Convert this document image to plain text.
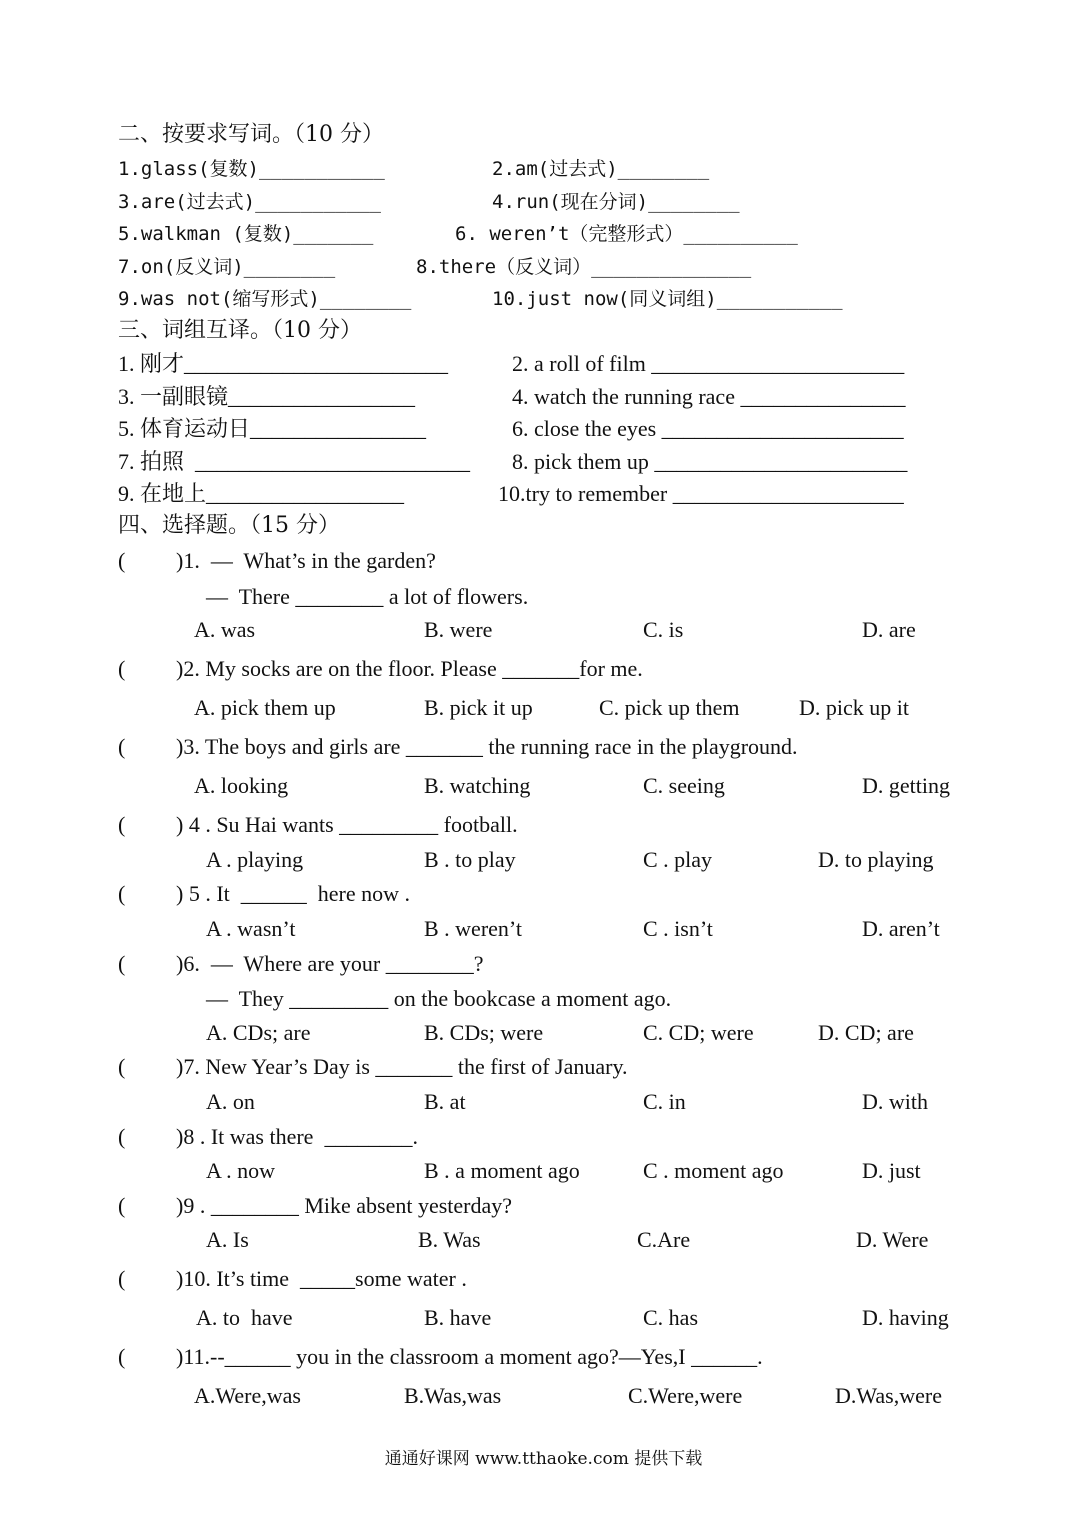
二、按要求写词。（10 分）
1.glass(复数)___________	2.am(过去式)________
3.are(过去式)___________	4.run(现在分词)________
5.walkman (复数)_______	6. weren’t（完整形式）__________
7.on(反义词)________	8.there（反义词）______________
9.was not(缩写形式)________	10.just now(同义词组)___________
三、词组互译。（10 分）
1. 刚才________________________	2. a roll of film _______________________
3. 一副眼镜_________________	4. watch the running race _______________
5. 体育运动日________________	6. close the eyes ______________________
7. 拍照  _________________________ 8. pick them up _______________________
9. 在地上__________________	10.try to remember _____________________
四、选择题。（15 分）
( )1.  —  What’s in the garden?
—  There ________ a lot of flowers.
A. was	B. were	C. is	D. are
( )2. My socks are on the floor. Please _______for me.
A. pick them up	B. pick it up	C. pick up them	D. pick up it
( )3. The boys and girls are _______ the running race in the playground.
A. looking	B. watching	C. seeing	D. getting
( ) 4 . Su Hai wants _________ football.
A . playing	B . to play	C . play	D. to playing
( ) 5 . It  ______  here now .
A . wasn’t	B . weren’t	C . isn’t	D. aren’t
( )6.  —  Where are your ________?
—  They _________ on the bookcase a moment ago.
A. CDs; are	B. CDs; were	C. CD; were	D. CD; are
( )7. New Year’s Day is _______ the first of January.
A. on	B. at	C. in	D. with
( )8 . It was there  ________.
A . now	B . a moment ago	C . moment ago	D. just
( )9 . ________ Mike absent yesterday?
A. Is	B. Was	C.Are	D. Were
( )10. It’s time  _____some water .
A. to  have	B. have	C. has	D. having
( )11.--______ you in the classroom a moment ago?—Yes,I ______.
A.Were,was	B.Was,was	C.Were,were	D.Was,were
通通好课网 www.tthaoke.com 提供下载
